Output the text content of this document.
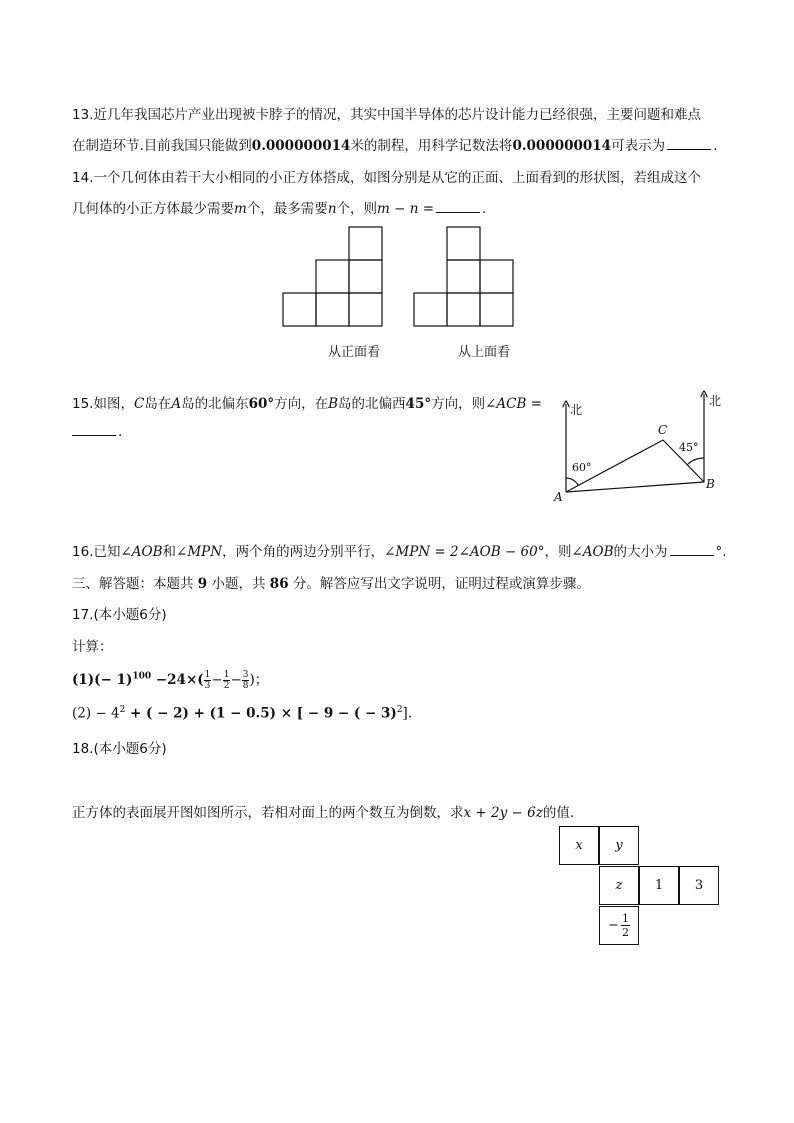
13.近几年我国芯片产业出现被卡脖子的情况，其实中国半导体的芯片设计能力已经很强，主要问题和难点
在制造环节.目前我国只能做到0.000000014米的制程，用科学记数法将0.000000014可表示为	.
14.一个几何体由若干大小相同的小正方体搭成，如图分别是从它的正面、上面看到的形状图，若组成这个
几何体的小正方体最少需要m个，最多需要n个，则m − n =	.
从正面看	从上面看
15.如图，C岛在A岛的北偏东60°方向，在B岛的北偏西45°方向，则∠ACB =
.
北
北
A
B
C
60°
45°
16.已知∠AOB和∠MPN，两个角的两边分别平行，∠MPN = 2∠AOB − 60°，则∠AOB的大小为	°.
三、解答题：本题共 9 小题，共 86 分。解答应写出文字说明，证明过程或演算步骤。
17.(本小题6分)
计算：
$(1)(- 1)^{100} -24\times( \frac{1}{3} - \frac{1}{2} - \frac{3}{8}$ )；
$(2) - 4^2$ + ( − 2) + (1 − 0.5) × [ − 9 − ( − 3)$^2$].
18.(本小题6分)
正方体的表面展开图如图所示，若相对面上的两个数互为倒数，求x + 2y − 6z的值．
x	y
z	1	3
− $\frac{1}{2}$
